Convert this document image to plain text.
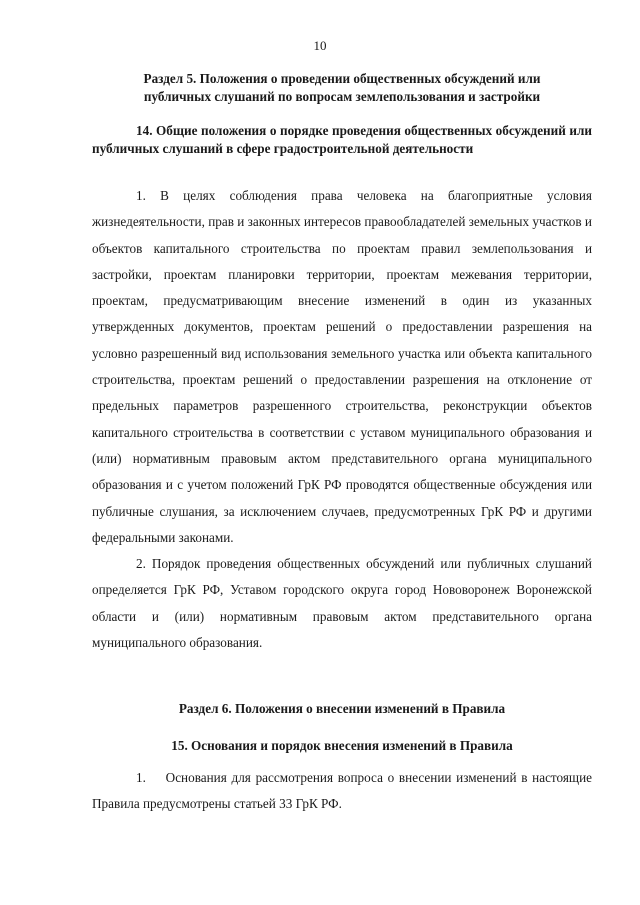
10
Раздел 5. Положения о проведении общественных обсуждений или
публичных слушаний по вопросам землепользования и застройки
14. Общие положения о порядке проведения общественных обсуждений или публичных слушаний в сфере градостроительной деятельности

1. В целях соблюдения права человека на благоприятные условия жизнедеятельности, прав и законных интересов правообладателей земельных участков и объектов капитального строительства по проектам правил землепользования и застройки, проектам планировки территории, проектам межевания территории, проектам, предусматривающим внесение изменений в один из указанных утвержденных документов, проектам решений о предоставлении разрешения на условно разрешенный вид использования земельного участка или объекта капитального строительства, проектам решений о предоставлении разрешения на отклонение от предельных параметров разрешенного строительства, реконструкции объектов капитального строительства в соответствии с уставом муниципального образования и (или) нормативным правовым актом представительного органа муниципального образования и с учетом положений ГрК РФ проводятся общественные обсуждения или публичные слушания, за исключением случаев, предусмотренных ГрК РФ и другими федеральными законами.

2. Порядок проведения общественных обсуждений или публичных слушаний определяется ГрК РФ, Уставом городского округа город Нововоронеж Воронежской области и (или) нормативным правовым актом представительного органа муниципального образования.

Раздел 6. Положения о внесении изменений в Правила
15. Основания и порядок внесения изменений в Правила

1.  Основания для рассмотрения вопроса о внесении изменений в настоящие Правила предусмотрены статьей 33 ГрК РФ.
